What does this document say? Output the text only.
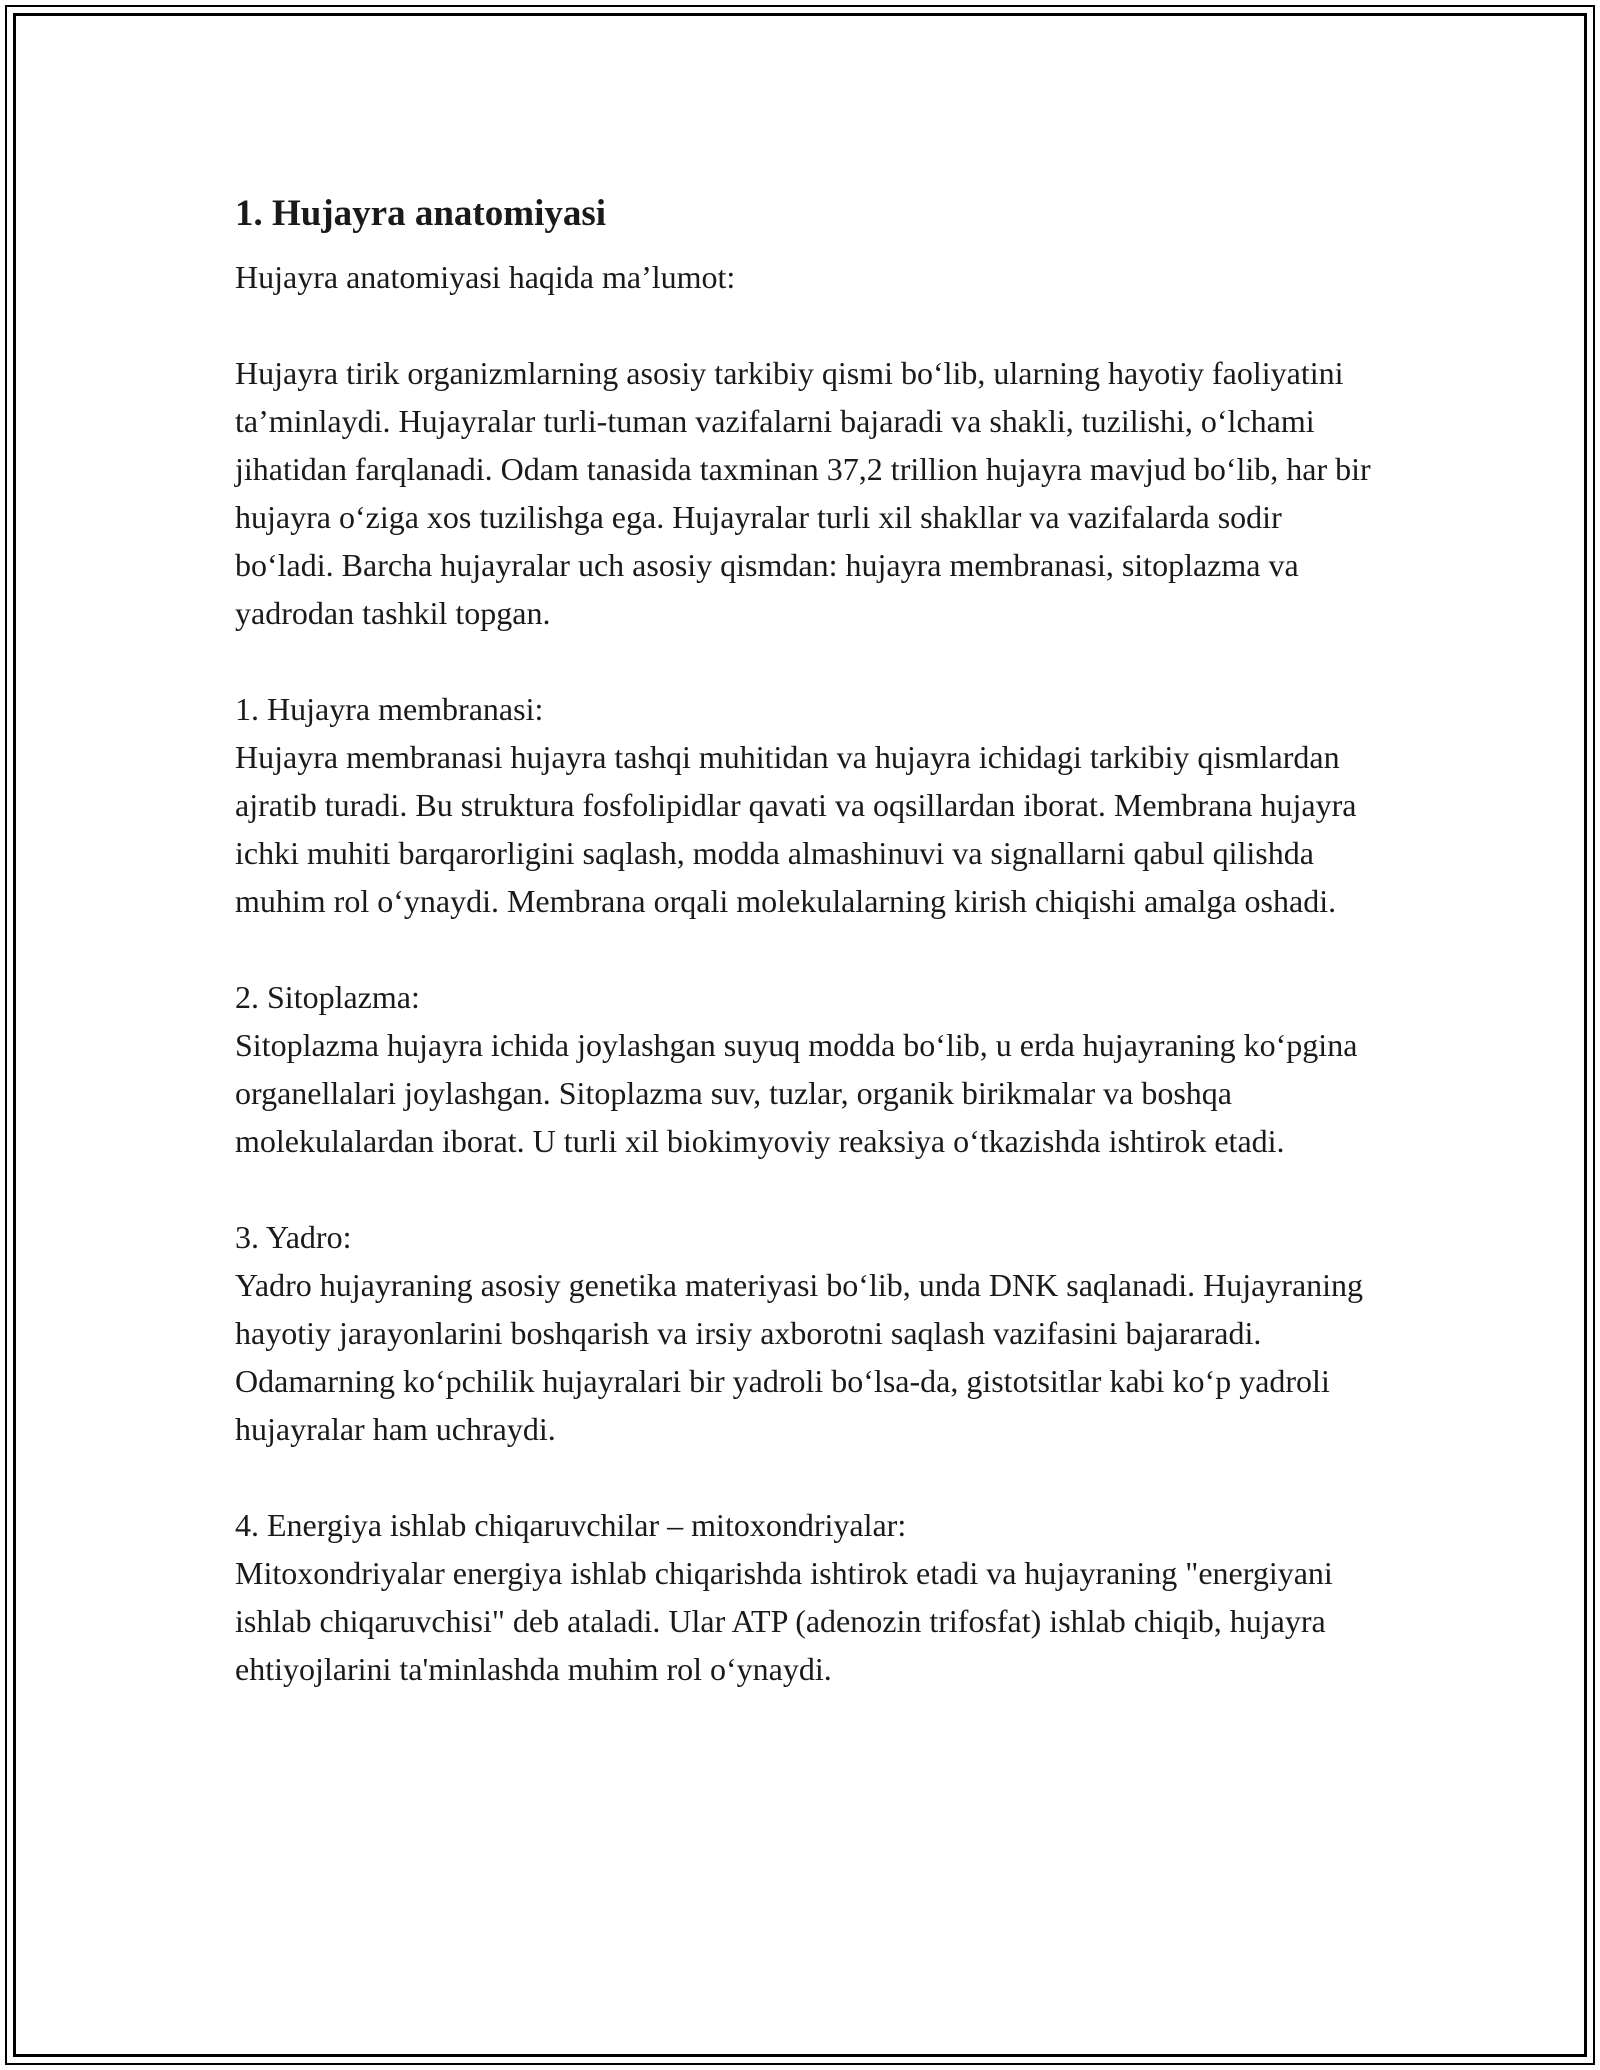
1. Hujayra anatomiyasi
Hujayra anatomiyasi haqida ma’lumot:

Hujayra tirik organizmlarning asosiy tarkibiy qismi bo‘lib, ularning hayotiy faoliyatini ta’minlaydi. Hujayralar turli-tuman vazifalarni bajaradi va shakli, tuzilishi, o‘lchami jihatidan farqlanadi. Odam tanasida taxminan 37,2 trillion hujayra mavjud bo‘lib, har bir hujayra o‘ziga xos tuzilishga ega. Hujayralar turli xil shakllar va vazifalarda sodir bo‘ladi. Barcha hujayralar uch asosiy qismdan: hujayra membranasi, sitoplazma va yadrodan tashkil topgan.

1. Hujayra membranasi:
Hujayra membranasi hujayra tashqi muhitidan va hujayra ichidagi tarkibiy qismlardan ajratib turadi. Bu struktura fosfolipidlar qavati va oqsillardan iborat. Membrana hujayra ichki muhiti barqarorligini saqlash, modda almashinuvi va signallarni qabul qilishda muhim rol o‘ynaydi. Membrana orqali molekulalarning kirish chiqishi amalga oshadi.
2. Sitoplazma:
Sitoplazma hujayra ichida joylashgan suyuq modda bo‘lib, u erda hujayraning ko‘pgina organellalari joylashgan. Sitoplazma suv, tuzlar, organik birikmalar va boshqa molekulalardan iborat. U turli xil biokimyoviy reaksiya o‘tkazishda ishtirok etadi.
3. Yadro:
Yadro hujayraning asosiy genetika materiyasi bo‘lib, unda DNK saqlanadi. Hujayraning hayotiy jarayonlarini boshqarish va irsiy axborotni saqlash vazifasini bajararadi. Odamarning ko‘pchilik hujayralari bir yadroli bo‘lsa-da, gistotsitlar kabi ko‘p yadroli hujayralar ham uchraydi.
4. Energiya ishlab chiqaruvchilar – mitoxondriyalar:
Mitoxondriyalar energiya ishlab chiqarishda ishtirok etadi va hujayraning "energiyani ishlab chiqaruvchisi" deb ataladi. Ular ATP (adenozin trifosfat) ishlab chiqib, hujayra ehtiyojlarini ta'minlashda muhim rol o‘ynaydi.
